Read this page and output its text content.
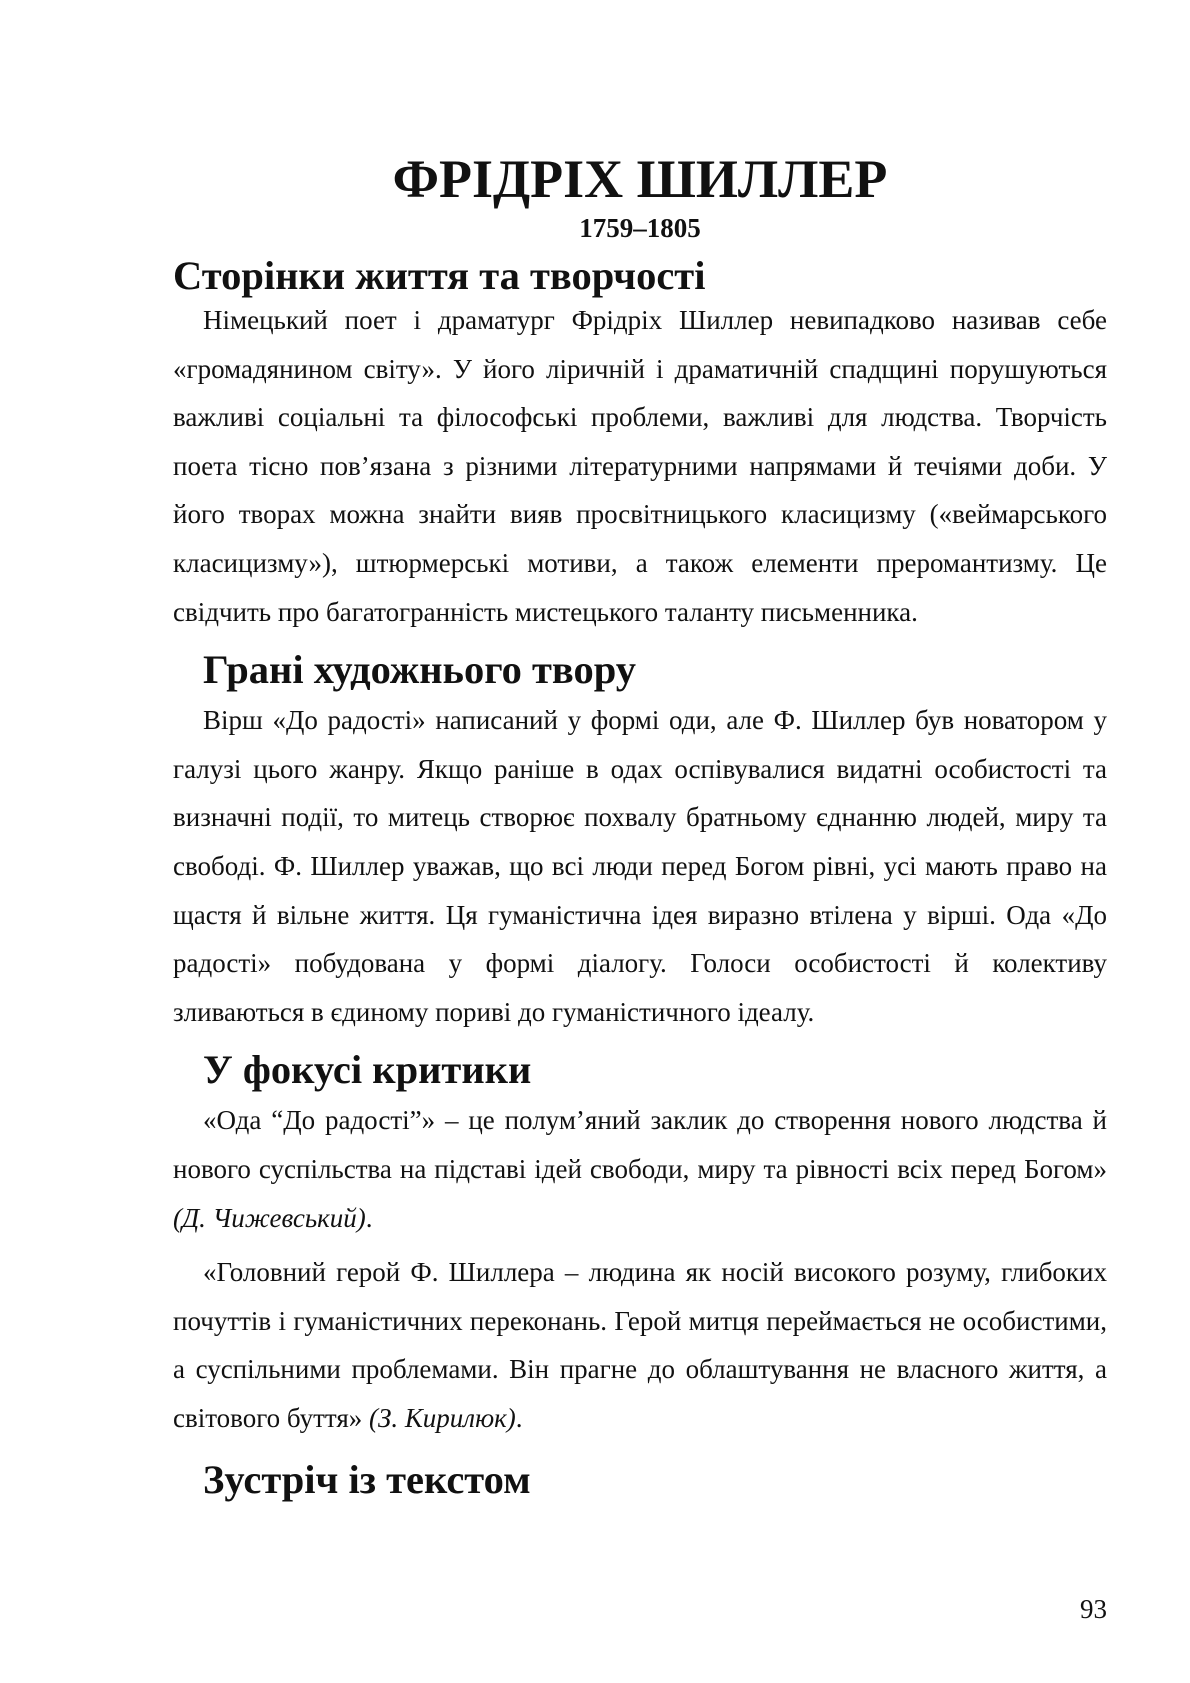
ФРІДРІХ ШИЛЛЕР
1759–1805
Сторінки життя та творчості

Німецький поет і драматург Фрідріх Шиллер невипадково називав себе «громадянином світу». У його ліричній і драматичній спадщині порушуються важливі соціальні та філософські проблеми, важливі для людства. Творчість поета тісно пов’язана з різними літературними напрямами й течіями доби. У його творах можна знайти вияв просвітницького класицизму («веймарського класицизму»), штюрмерські мотиви, а також елементи преромантизму. Це свідчить про багатогранність мистецького таланту письменника.

Грані художнього твору

Вірш «До радості» написаний у формі оди, але Ф. Шиллер був новатором у галузі цього жанру. Якщо раніше в одах оспівувалися видатні особистості та визначні події, то митець створює похвалу братньому єднанню людей, миру та свободі. Ф. Шиллер уважав, що всі люди перед Богом рівні, усі мають право на щастя й вільне життя. Ця гуманістична ідея виразно втілена у вірші. Ода «До радості» побудована у формі діалогу. Голоси особистості й колективу зливаються в єдиному пориві до гуманістичного ідеалу.

У фокусі критики

«Ода “До радості”» – це полум’яний заклик до створення нового людства й нового суспільства на підставі ідей свободи, миру та рівності всіх перед Богом» (Д. Чижевський).

«Головний герой Ф. Шиллера – людина як носій високого розуму, глибоких почуттів і гуманістичних переконань. Герой митця переймається не особистими, а суспільними проблемами. Він прагне до облаштування не власного життя, а світового буття» (З. Кирилюк).

Зустріч із текстом
93
